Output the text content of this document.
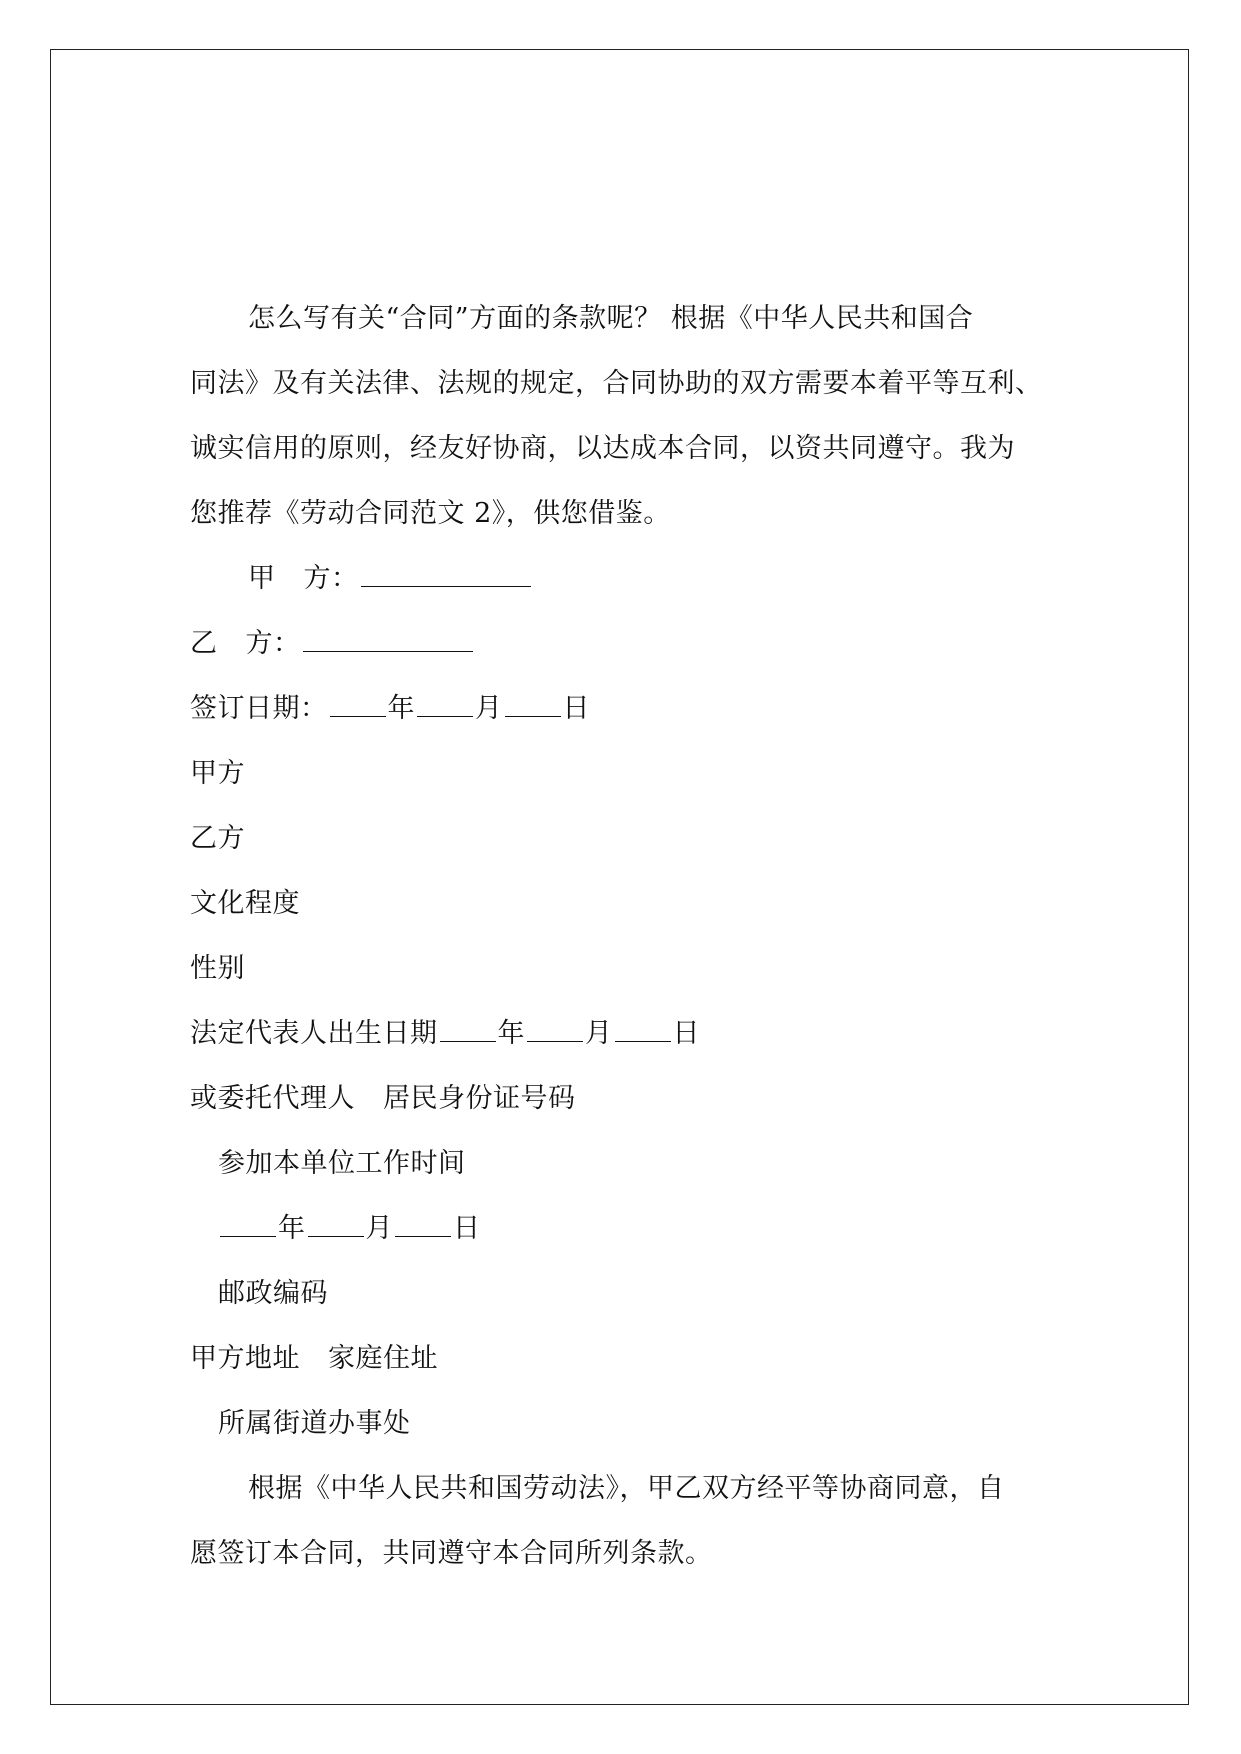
怎么写有关“合同”方面的条款呢？ 根据《中华人民共和国合
同法》及有关法律、法规的规定，合同协助的双方需要本着平等互利、
诚实信用的原则，经友好协商，以达成本合同，以资共同遵守。我为
您推荐《劳动合同范文 2》，供您借鉴。
甲 方：
乙 方：
签订日期： 年 月 日
甲方
乙方
文化程度
性别
法定代表人出生日期 年 月 日
或委托代理人 居民身份证号码
参加本单位工作时间
年 月 日
邮政编码
甲方地址 家庭住址
所属街道办事处
根据《中华人民共和国劳动法》，甲乙双方经平等协商同意，自
愿签订本合同，共同遵守本合同所列条款。
